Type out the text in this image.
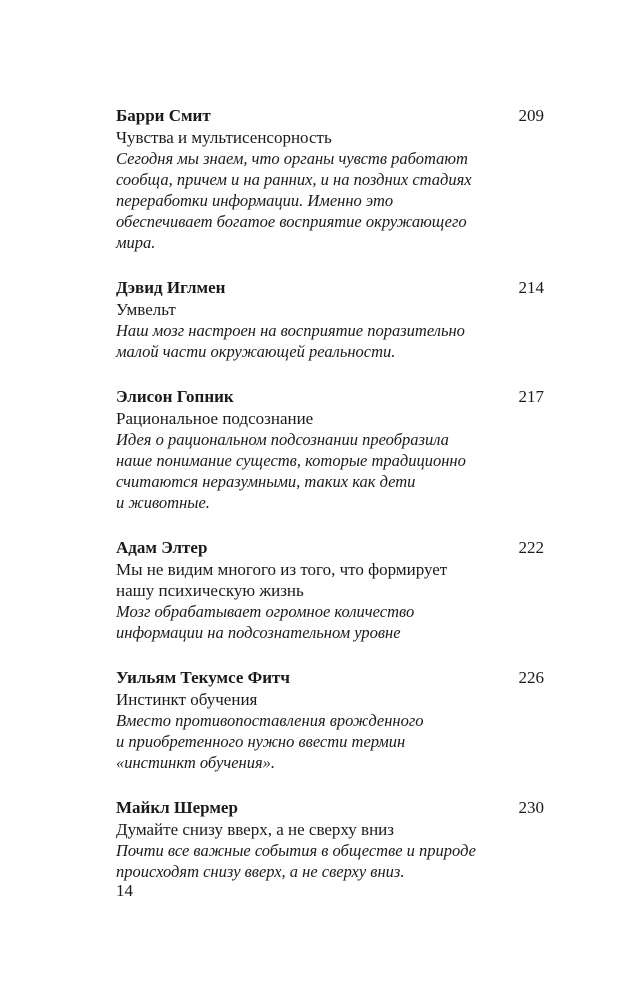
Барри Смит	209
Чувства и мультисенсорность
Сегодня мы знаем, что органы чувств работают
сообща, причем и на ранних, и на поздних стадиях
переработки информации. Именно это
обеспечивает богатое восприятие окружающего
мира.
Дэвид Иглмен	214
Умвельт
Наш мозг настроен на восприятие поразительно
малой части окружающей реальности.
Элисон Гопник	217
Рациональное подсознание
Идея о рациональном подсознании преобразила
наше понимание существ, которые традиционно
считаются неразумными, таких как дети
и животные.
Адам Элтер	222
Мы не видим многого из того, что формирует
нашу психическую жизнь
Мозг обрабатывает огромное количество
информации на подсознательном уровне
Уильям Текумсе Фитч	226
Инстинкт обучения
Вместо противопоставления врожденного
и приобретенного нужно ввести термин
«инстинкт обучения».
Майкл Шермер	230
Думайте снизу вверх, а не сверху вниз
Почти все важные события в обществе и природе
происходят снизу вверх, а не сверху вниз.
14
